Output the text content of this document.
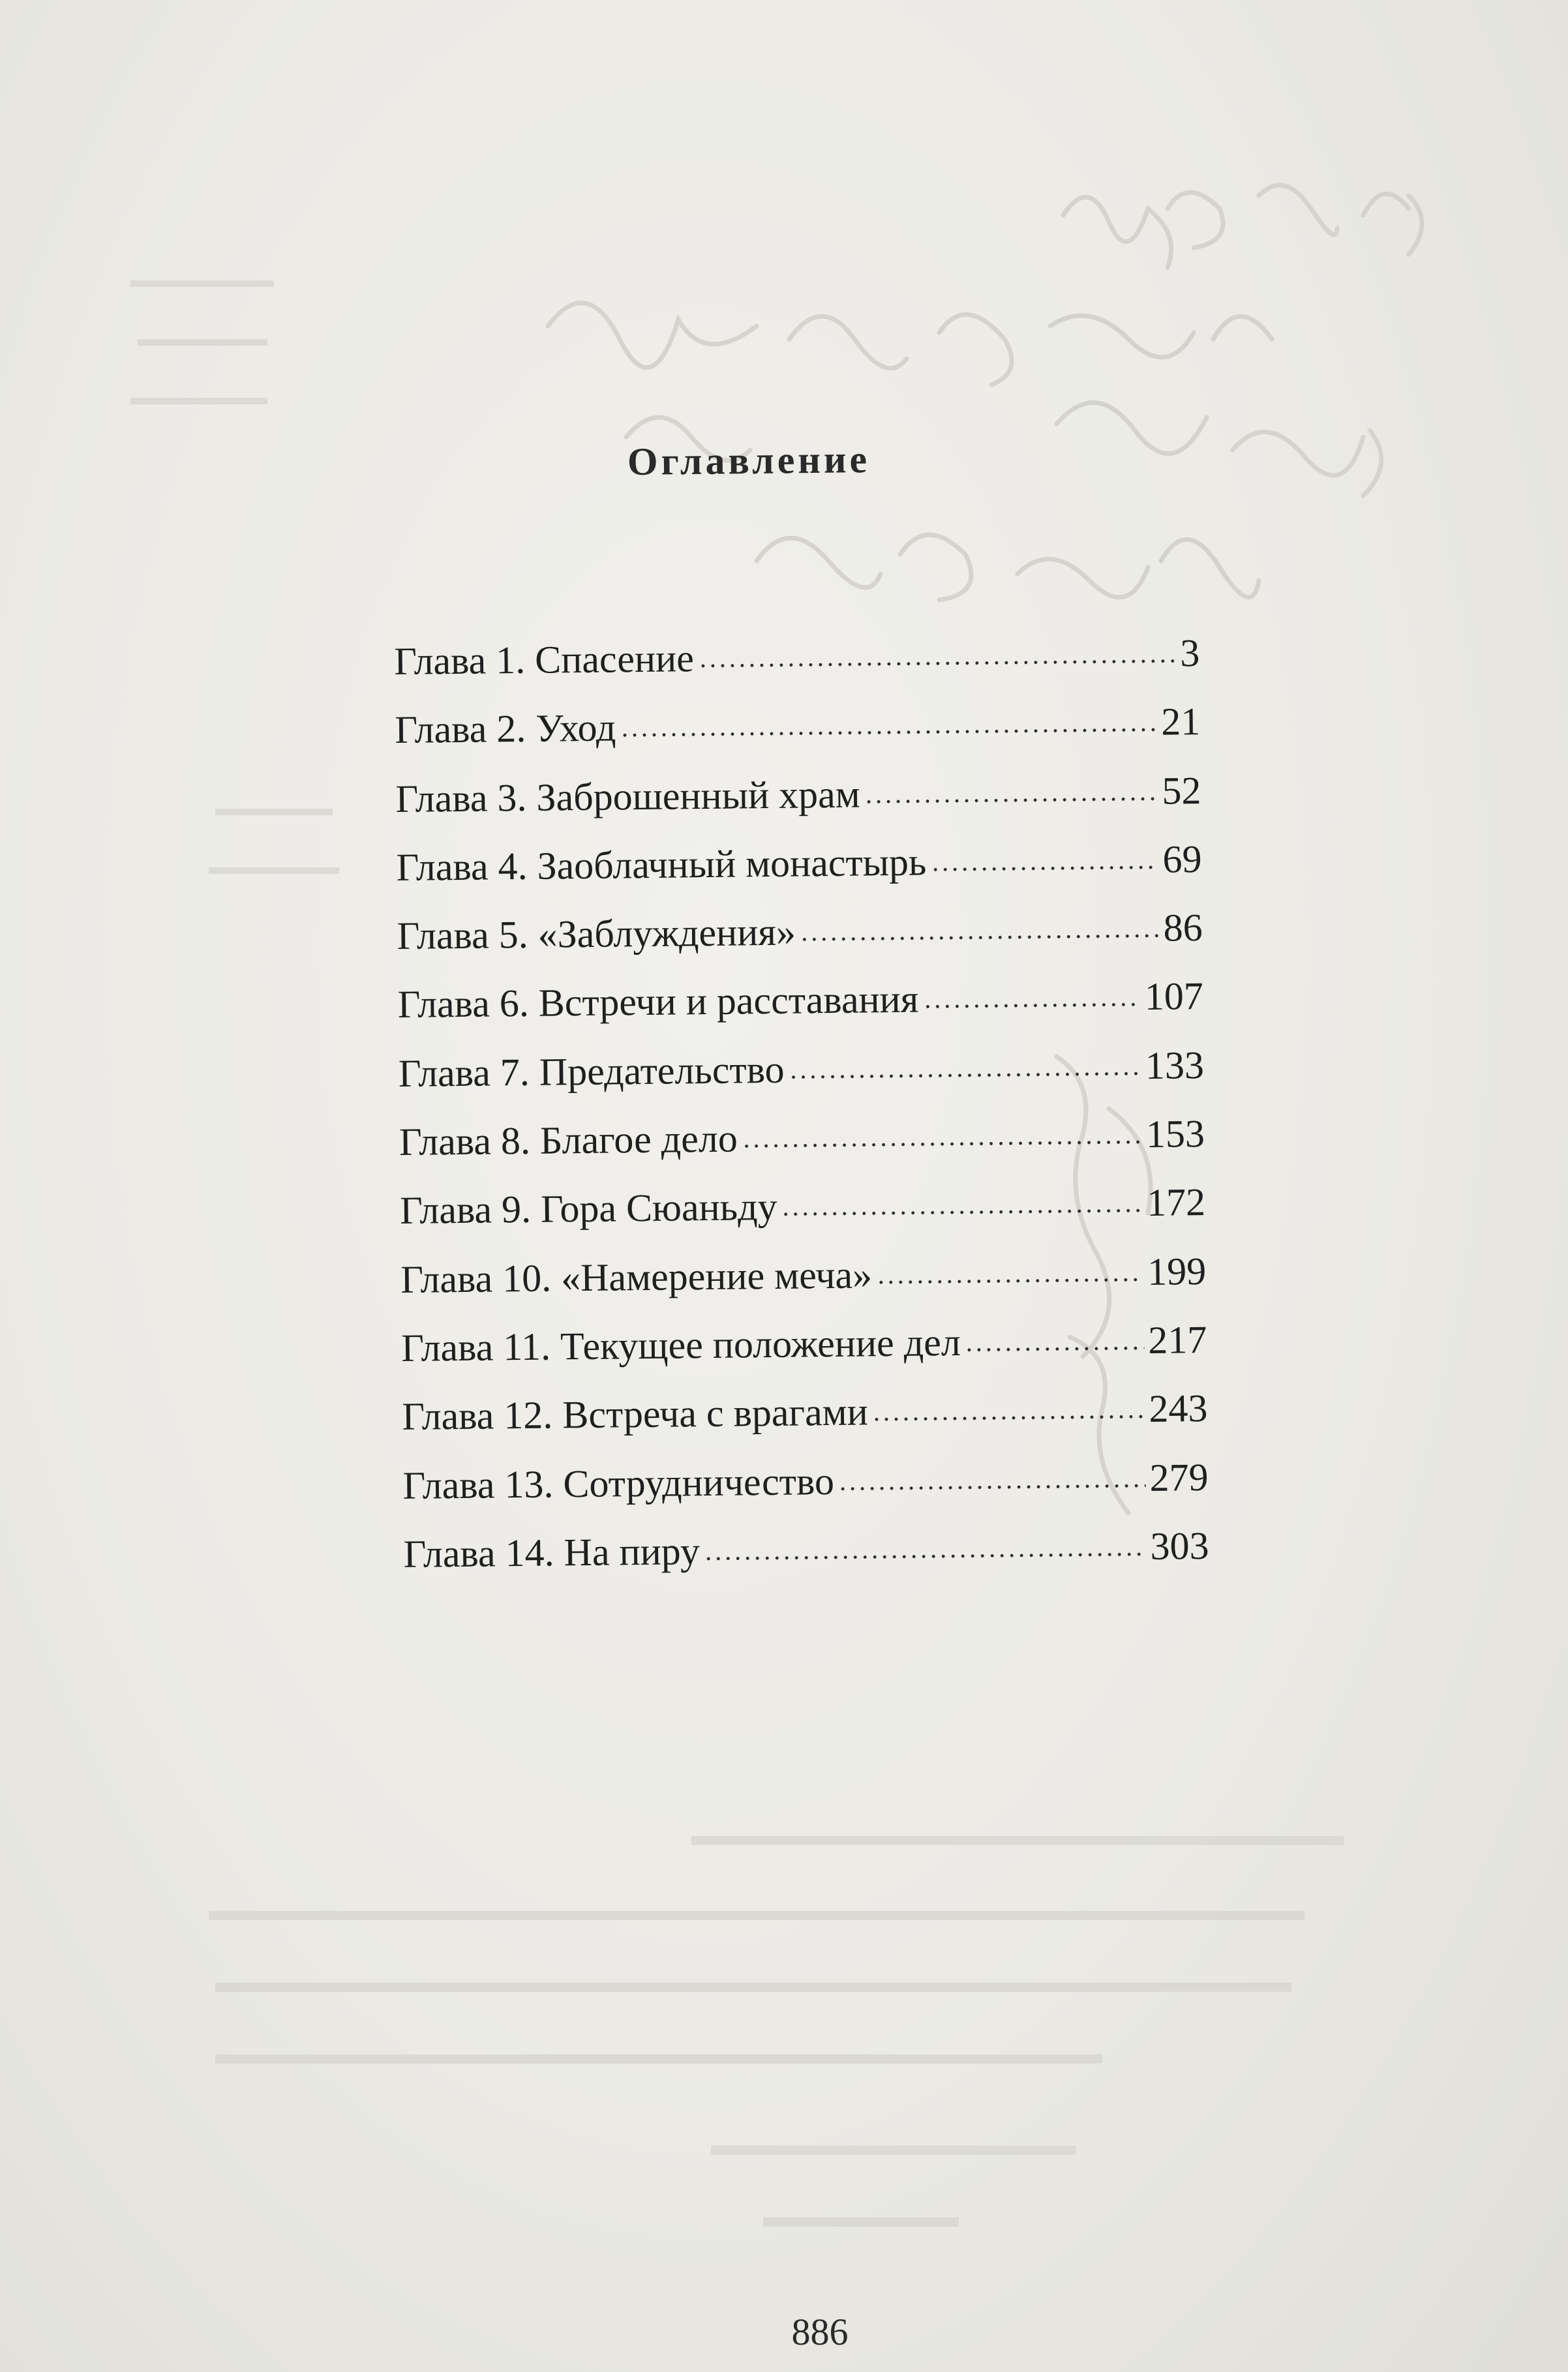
Оглавление
Глава 1. Спасение	3
Глава 2. Уход	21
Глава 3. Заброшенный храм	52
Глава 4. Заоблачный монастырь	69
Глава 5. «Заблуждения»	86
Глава 6. Встречи и расставания	107
Глава 7. Предательство	133
Глава 8. Благое дело	153
Глава 9. Гора Сюаньду	172
Глава 10. «Намерение меча»	199
Глава 11. Текущее положение дел	217
Глава 12. Встреча с врагами	243
Глава 13. Сотрудничество	279
Глава 14. На пиру	303
886
